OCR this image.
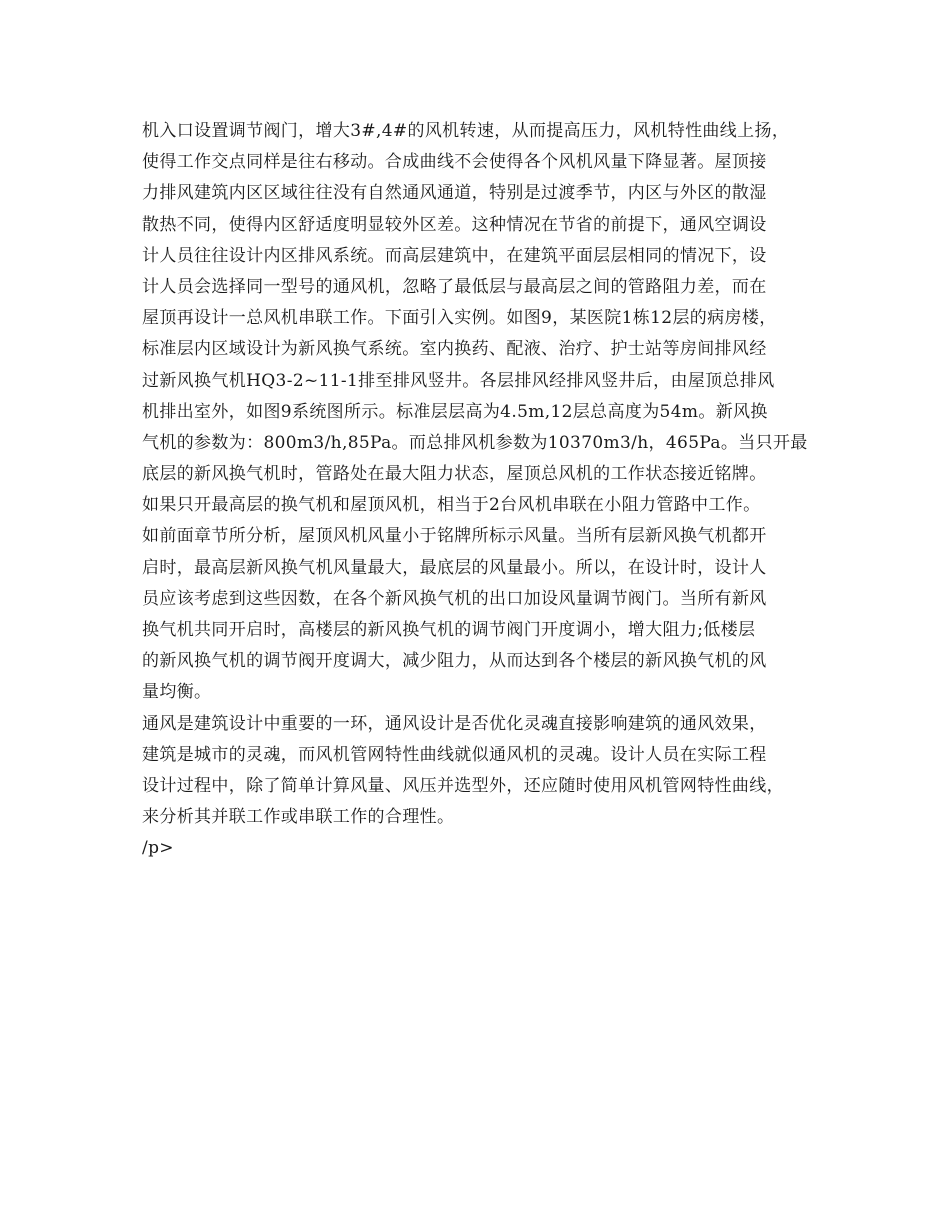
机入口设置调节阀门，增大3#,4#的风机转速，从而提高压力，风机特性曲线上扬，
使得工作交点同样是往右移动。合成曲线不会使得各个风机风量下降显著。屋顶接
力排风建筑内区区域往往没有自然通风通道，特别是过渡季节，内区与外区的散湿
散热不同，使得内区舒适度明显较外区差。这种情况在节省的前提下，通风空调设
计人员往往设计内区排风系统。而高层建筑中，在建筑平面层层相同的情况下，设
计人员会选择同一型号的通风机，忽略了最低层与最高层之间的管路阻力差，而在
屋顶再设计一总风机串联工作。下面引入实例。如图9，某医院1栋12层的病房楼，
标准层内区域设计为新风换气系统。室内换药、配液、治疗、护士站等房间排风经
过新风换气机HQ3-2~11-1排至排风竖井。各层排风经排风竖井后，由屋顶总排风
机排出室外，如图9系统图所示。标准层层高为4.5m,12层总高度为54m。新风换
气机的参数为：800m3/h,85Pa。而总排风机参数为10370m3/h，465Pa。当只开最
底层的新风换气机时，管路处在最大阻力状态，屋顶总风机的工作状态接近铭牌。
如果只开最高层的换气机和屋顶风机，相当于2台风机串联在小阻力管路中工作。
如前面章节所分析，屋顶风机风量小于铭牌所标示风量。当所有层新风换气机都开
启时，最高层新风换气机风量最大，最底层的风量最小。所以，在设计时，设计人
员应该考虑到这些因数，在各个新风换气机的出口加设风量调节阀门。当所有新风
换气机共同开启时，高楼层的新风换气机的调节阀门开度调小，增大阻力;低楼层
的新风换气机的调节阀开度调大，减少阻力，从而达到各个楼层的新风换气机的风
量均衡。
通风是建筑设计中重要的一环，通风设计是否优化灵魂直接影响建筑的通风效果，
建筑是城市的灵魂，而风机管网特性曲线就似通风机的灵魂。设计人员在实际工程
设计过程中，除了简单计算风量、风压并选型外，还应随时使用风机管网特性曲线，
来分析其并联工作或串联工作的合理性。
/p>
